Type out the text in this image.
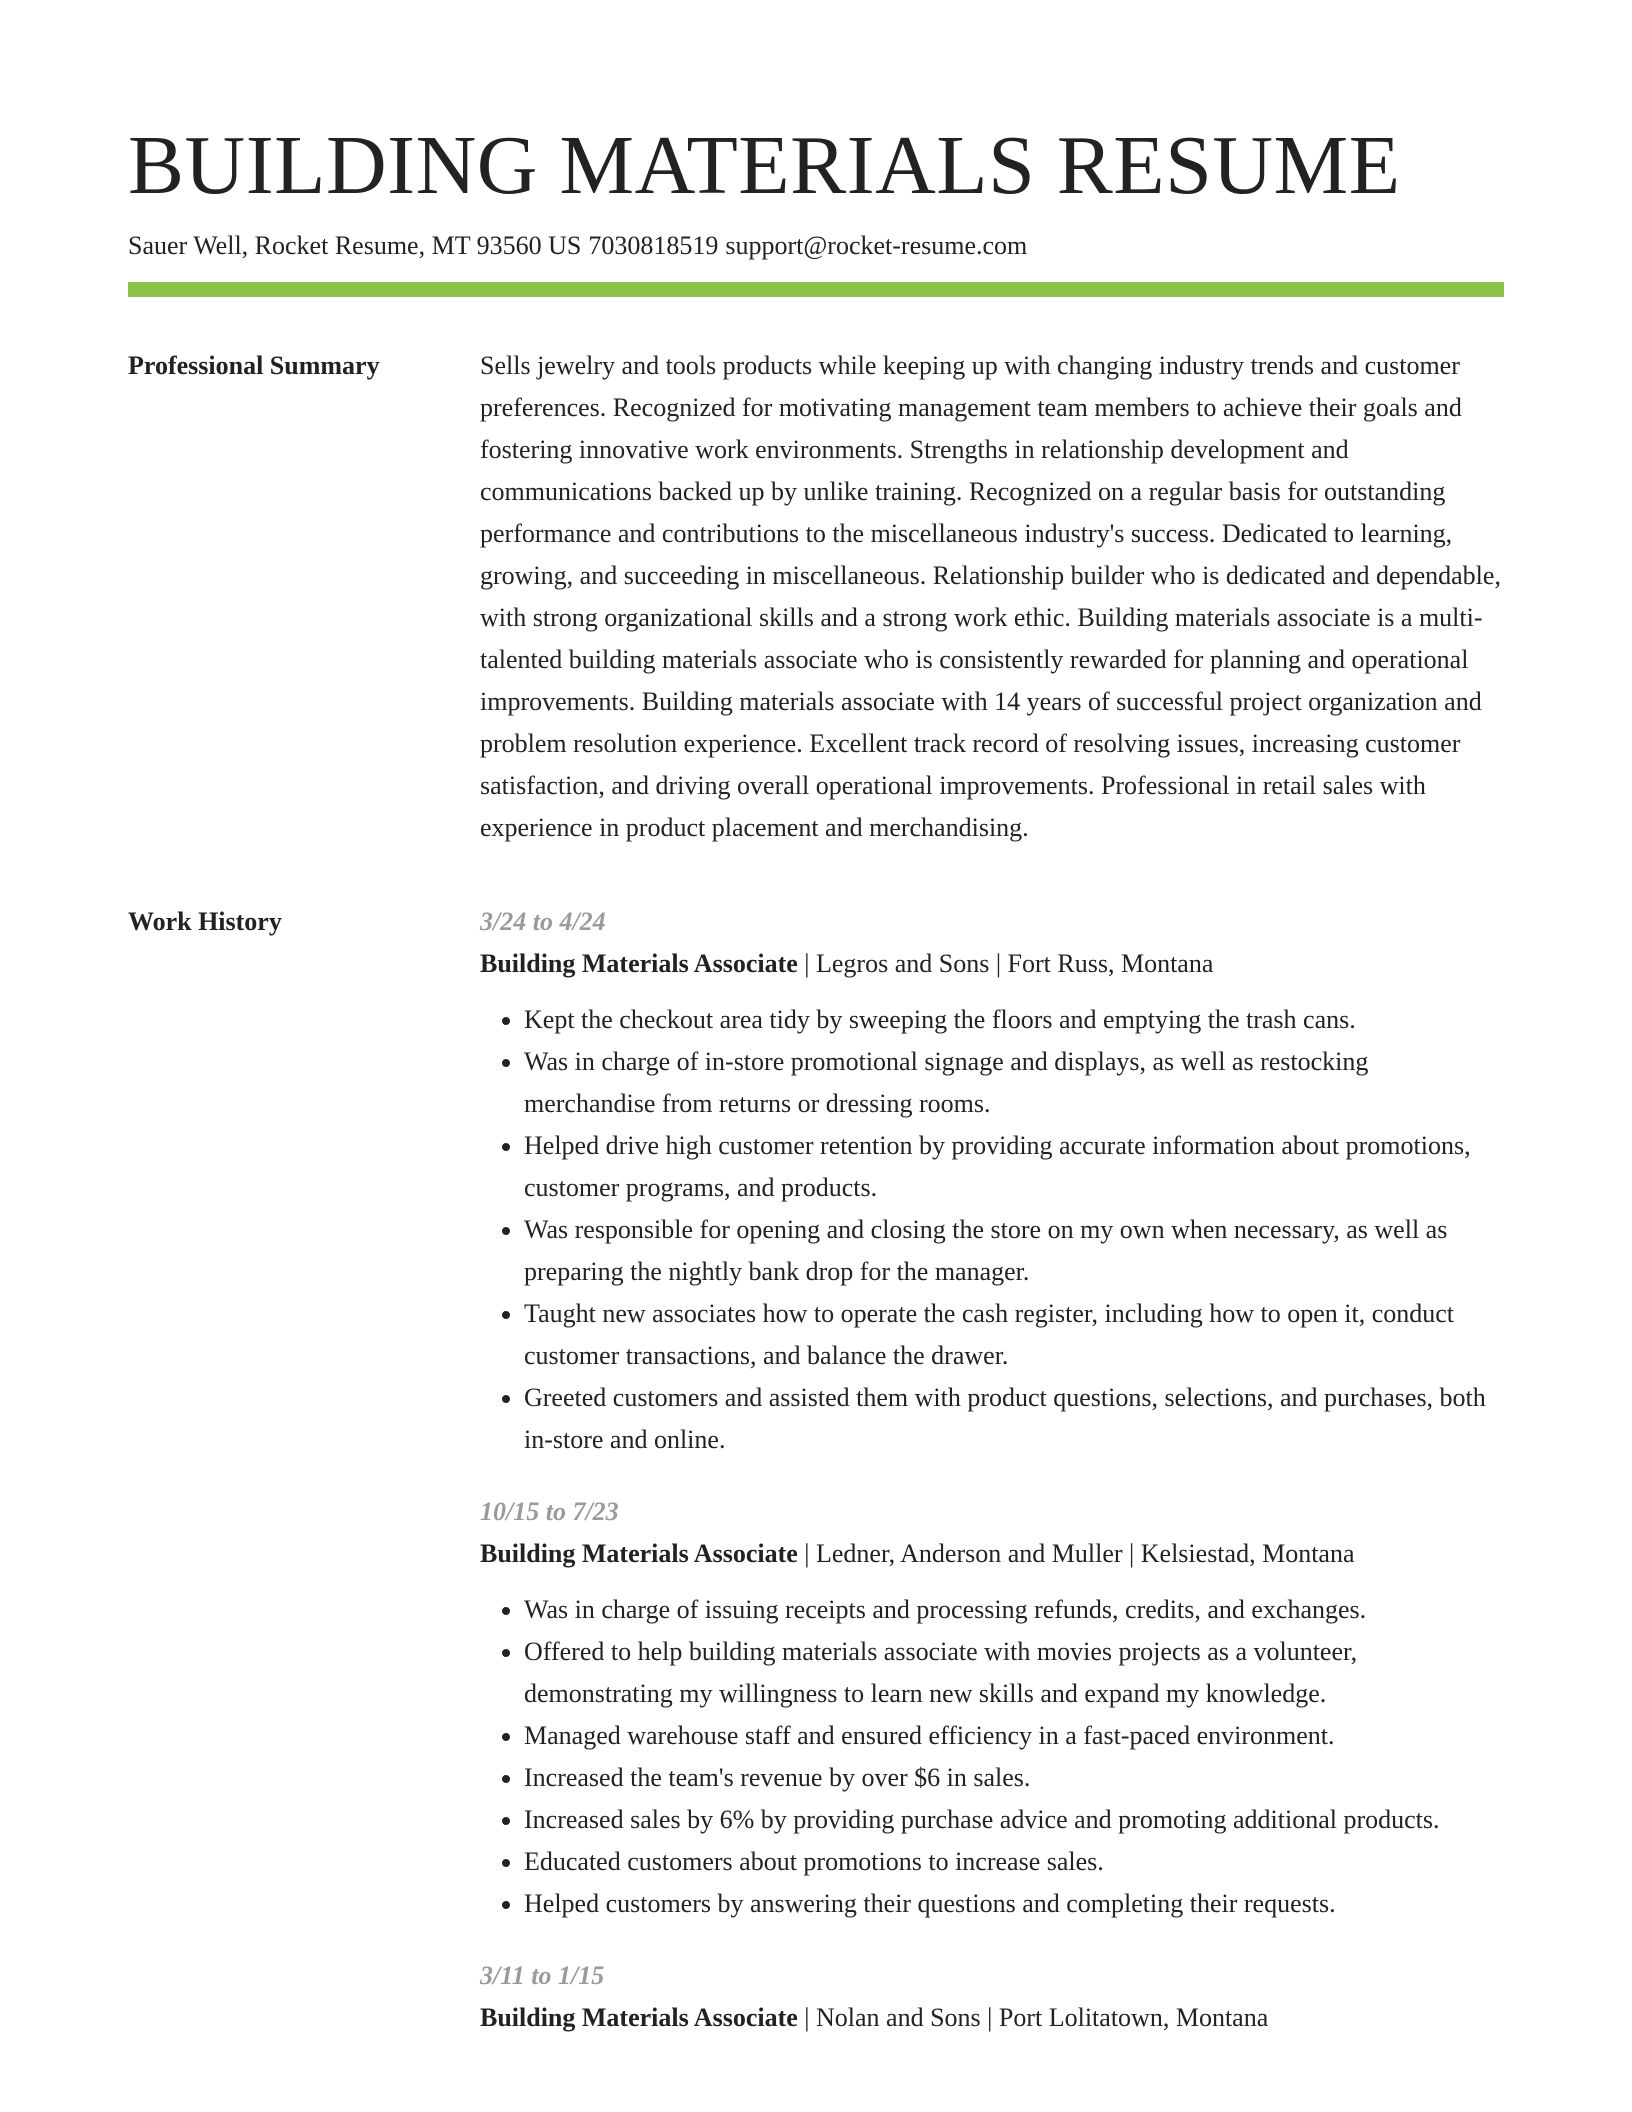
BUILDING MATERIALS RESUME
Sauer Well, Rocket Resume, MT 93560 US 7030818519 support@rocket-resume.com
Professional Summary	Sells jewelry and tools products while keeping up with changing industry trends and customer preferences. Recognized for motivating management team members to achieve their goals and fostering innovative work environments. Strengths in relationship development and communications backed up by unlike training. Recognized on a regular basis for outstanding performance and contributions to the miscellaneous industry's success. Dedicated to learning, growing, and succeeding in miscellaneous. Relationship builder who is dedicated and dependable, with strong organizational skills and a strong work ethic. Building materials associate is a multi-talented building materials associate who is consistently rewarded for planning and operational improvements. Building materials associate with 14 years of successful project organization and problem resolution experience. Excellent track record of resolving issues, increasing customer satisfaction, and driving overall operational improvements. Professional in retail sales with experience in product placement and merchandising.

Work History	3/24 to 4/24
Building Materials Associate | Legros and Sons | Fort Russ, Montana
• Kept the checkout area tidy by sweeping the floors and emptying the trash cans.
• Was in charge of in-store promotional signage and displays, as well as restocking merchandise from returns or dressing rooms.
• Helped drive high customer retention by providing accurate information about promotions, customer programs, and products.
• Was responsible for opening and closing the store on my own when necessary, as well as preparing the nightly bank drop for the manager.
• Taught new associates how to operate the cash register, including how to open it, conduct customer transactions, and balance the drawer.
• Greeted customers and assisted them with product questions, selections, and purchases, both in-store and online.
10/15 to 7/23
Building Materials Associate | Ledner, Anderson and Muller | Kelsiestad, Montana
• Was in charge of issuing receipts and processing refunds, credits, and exchanges.
• Offered to help building materials associate with movies projects as a volunteer, demonstrating my willingness to learn new skills and expand my knowledge.
• Managed warehouse staff and ensured efficiency in a fast-paced environment.
• Increased the team's revenue by over $6 in sales.
• Increased sales by 6% by providing purchase advice and promoting additional products.
• Educated customers about promotions to increase sales.
• Helped customers by answering their questions and completing their requests.
3/11 to 1/15
Building Materials Associate | Nolan and Sons | Port Lolitatown, Montana
